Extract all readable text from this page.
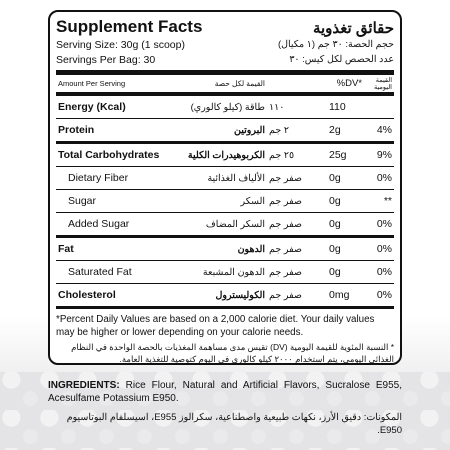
Supplement Facts	حقائق تغذوية
Serving Size: 30g (1 scoop)	حجم الحصة: ٣٠ جم (١ مكيال)
Servings Per Bag: 30	عدد الحصص لكل كيس: ٣٠
Amount Per Serving	القيمة لكل حصة	%DV*	القيمة اليومية
Energy (Kcal)	طاقة (كيلو كالوري) ١١٠	110
Protein	البروتين ٢ جم	2g	4%
Total Carbohydrates	الكربوهيدرات الكلية ٢٥ جم	25g	9%
Dietary Fiber	الألياف الغذائية صفر جم	0g	0%
Sugar	السكر صفر جم	0g	**
Added Sugar	السكر المضاف صفر جم	0g	0%
Fat	الدهون صفر جم	0g	0%
Saturated Fat	الدهون المشبعة صفر جم	0g	0%
Cholesterol	الكوليسترول صفر جم	0mg	0%
*Percent Daily Values are based on a 2,000 calorie diet. Your daily values may be higher or lower depending on your calorie needs.
* النسبة المئوية للقيمة اليومية (DV) تقيس مدى مساهمة المغذيات بالحصة الواحدة في النظام الغذائي اليومي، يتم استخدام ٢٠٠٠ كيلو كالوري في اليوم كتوصية للتغذية العامة.
INGREDIENTS: Rice Flour, Natural and Artificial Flavors, Sucralose E955, Acesulfame Potassium E950.
المكونات: دقيق الأرز، نكهات طبيعية واصطناعية، سكرالوز E955، اسيسلفام البوتاسيوم E950.
